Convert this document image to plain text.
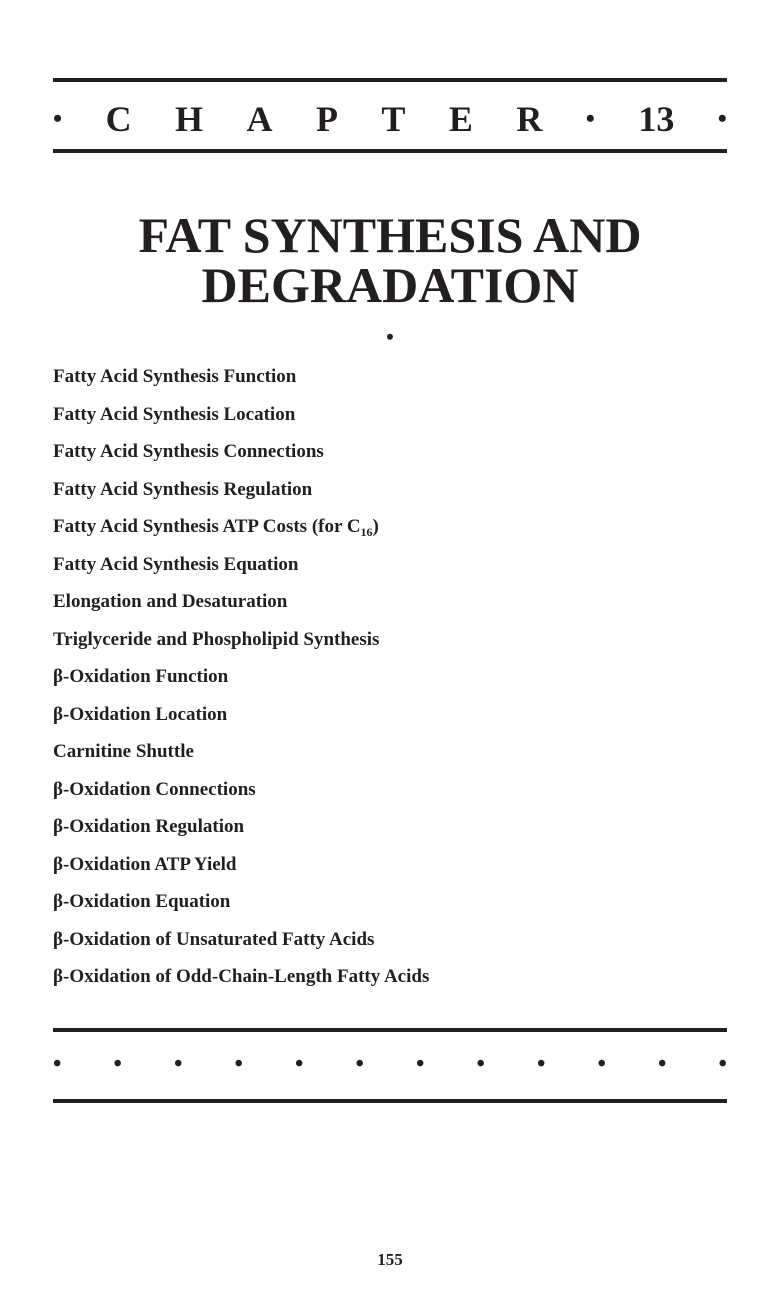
• C H A P T E R • 13 •
FAT SYNTHESIS AND
DEGRADATION
•
Fatty Acid Synthesis Function
Fatty Acid Synthesis Location
Fatty Acid Synthesis Connections
Fatty Acid Synthesis Regulation
Fatty Acid Synthesis ATP Costs (for $C_{16}$)
Fatty Acid Synthesis Equation
Elongation and Desaturation
Triglyceride and Phospholipid Synthesis
β-Oxidation Function
β-Oxidation Location
Carnitine Shuttle
β-Oxidation Connections
β-Oxidation Regulation
β-Oxidation ATP Yield
β-Oxidation Equation
β-Oxidation of Unsaturated Fatty Acids
β-Oxidation of Odd-Chain-Length Fatty Acids
• • • • • • • • • • • •
155
